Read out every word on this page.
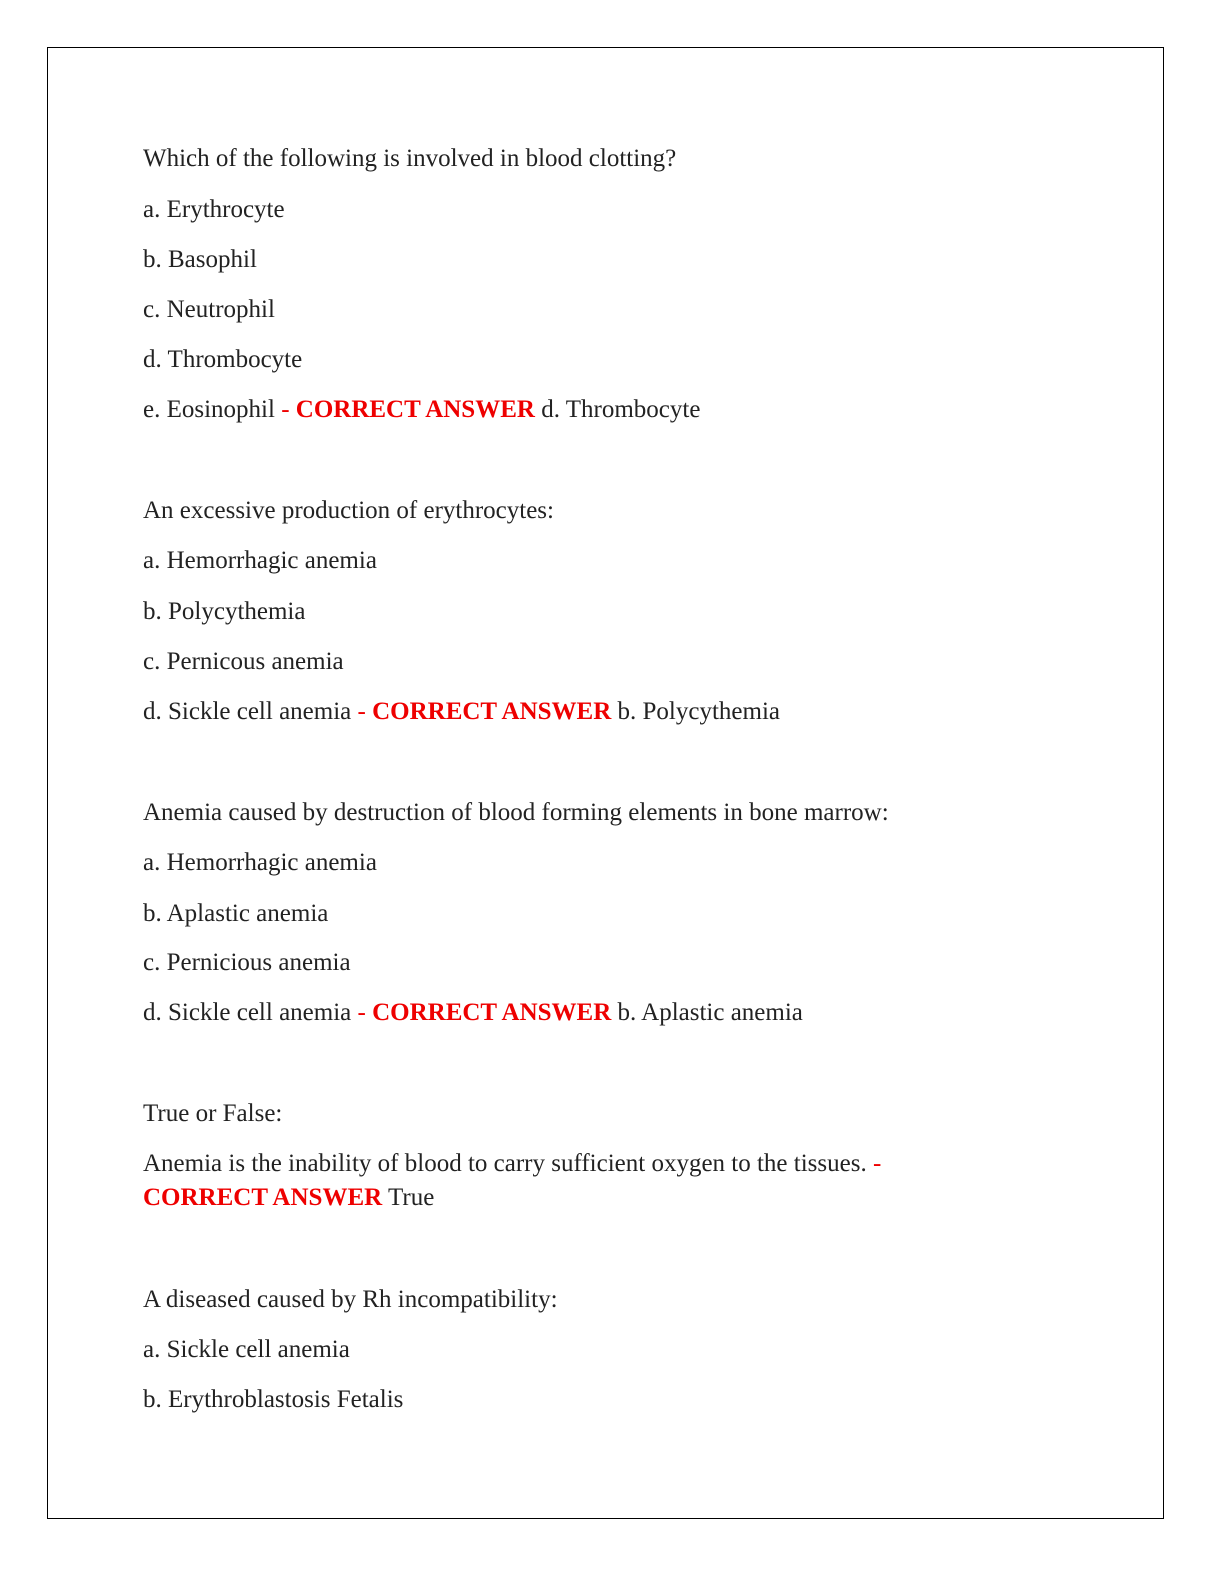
Which of the following is involved in blood clotting?
a. Erythrocyte
b. Basophil
c. Neutrophil
d. Thrombocyte
e. Eosinophil - CORRECT ANSWER d. Thrombocyte
An excessive production of erythrocytes:
a. Hemorrhagic anemia
b. Polycythemia
c. Pernicous anemia
d. Sickle cell anemia - CORRECT ANSWER b. Polycythemia
Anemia caused by destruction of blood forming elements in bone marrow:
a. Hemorrhagic anemia
b. Aplastic anemia
c. Pernicious anemia
d. Sickle cell anemia - CORRECT ANSWER b. Aplastic anemia
True or False:
Anemia is the inability of blood to carry sufficient oxygen to the tissues. -
CORRECT ANSWER True
A diseased caused by Rh incompatibility:
a. Sickle cell anemia
b. Erythroblastosis Fetalis
